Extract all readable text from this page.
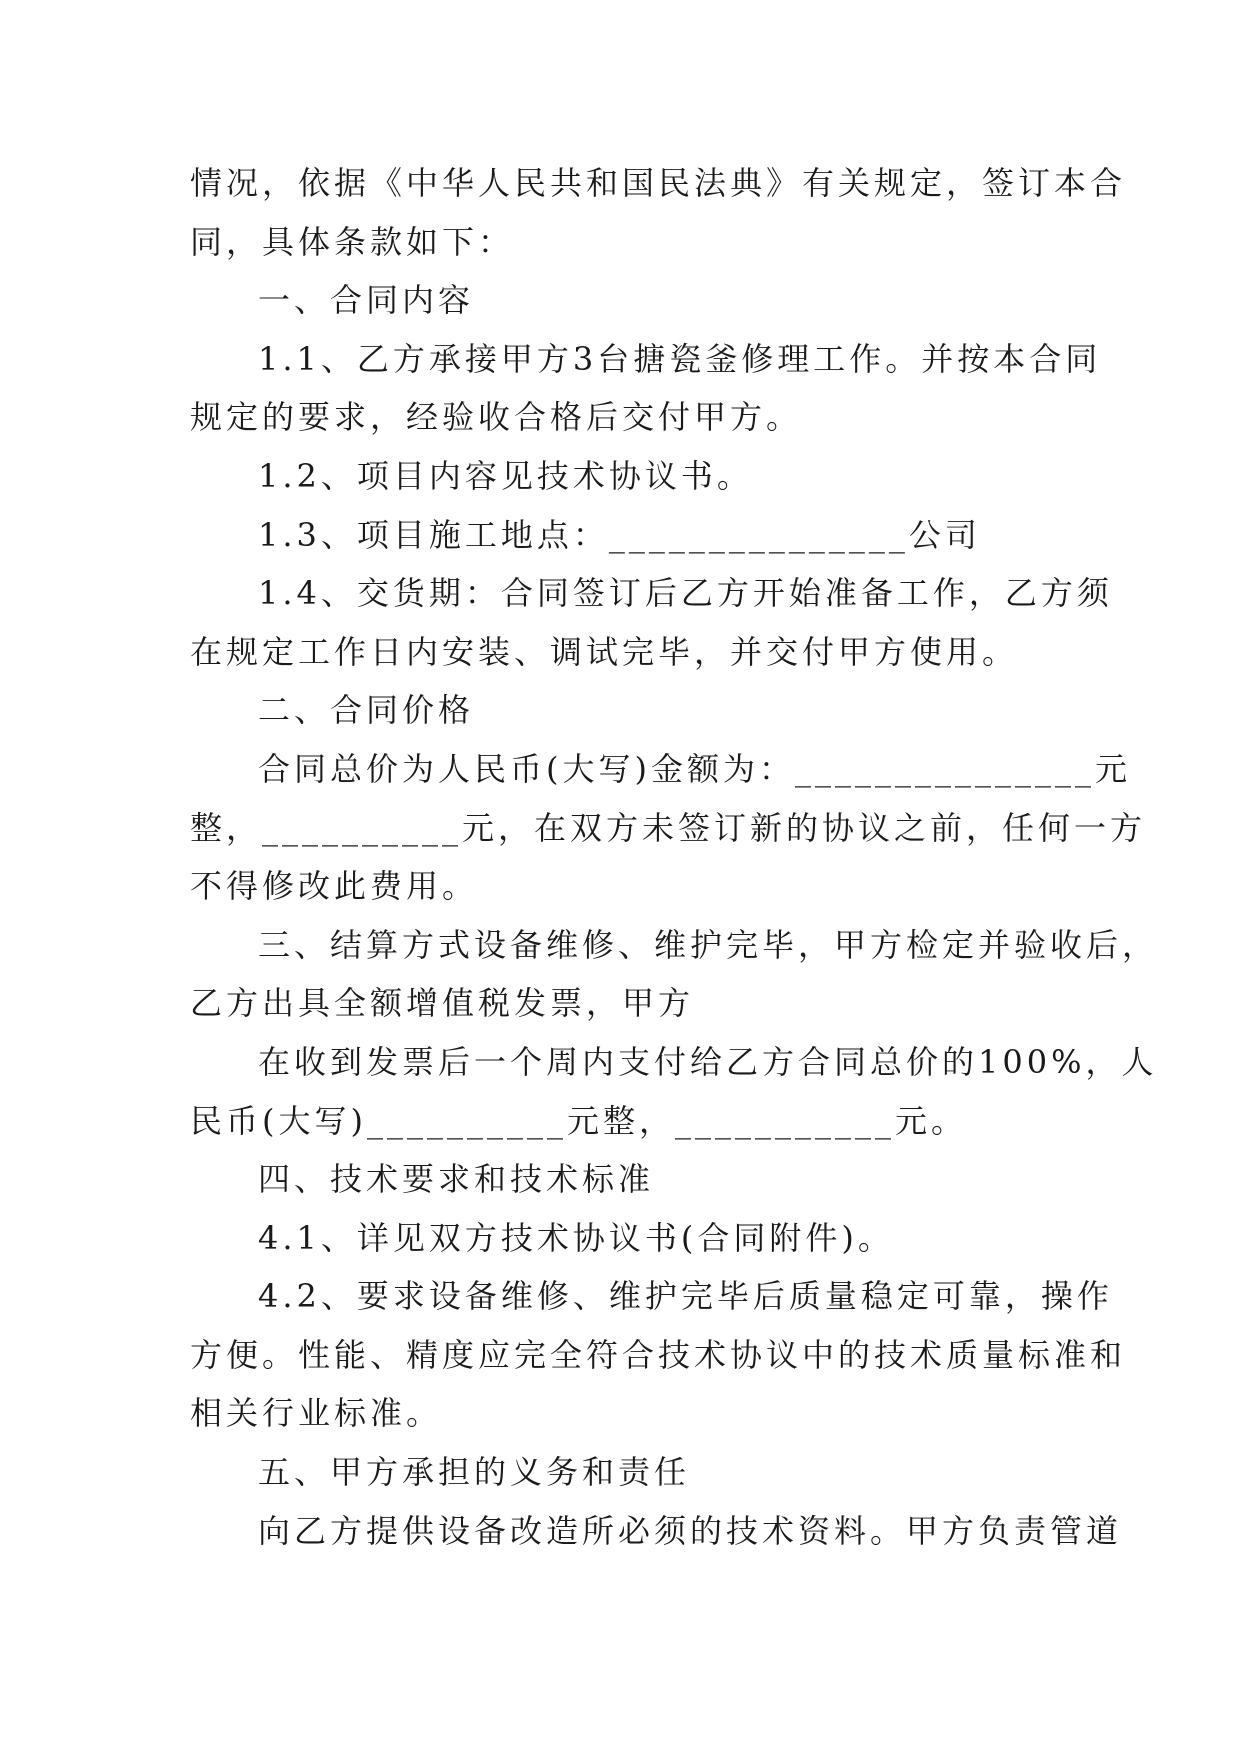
情况，依据《中华人民共和国民法典》有关规定，签订本合
同，具体条款如下：
一、合同内容
1.1、乙方承接甲方3台搪瓷釜修理工作。并按本合同
规定的要求，经验收合格后交付甲方。
1.2、项目内容见技术协议书。
1.3、项目施工地点：_______________公司
1.4、交货期：合同签订后乙方开始准备工作，乙方须
在规定工作日内安装、调试完毕，并交付甲方使用。
二、合同价格
合同总价为人民币(大写)金额为：_______________元
整，__________元，在双方未签订新的协议之前，任何一方
不得修改此费用。
三、结算方式设备维修、维护完毕，甲方检定并验收后，
乙方出具全额增值税发票，甲方
在收到发票后一个周内支付给乙方合同总价的100%，人
民币(大写)__________元整，___________元。
四、技术要求和技术标准
4.1、详见双方技术协议书(合同附件)。
4.2、要求设备维修、维护完毕后质量稳定可靠，操作
方便。性能、精度应完全符合技术协议中的技术质量标准和
相关行业标准。
五、甲方承担的义务和责任
向乙方提供设备改造所必须的技术资料。甲方负责管道
